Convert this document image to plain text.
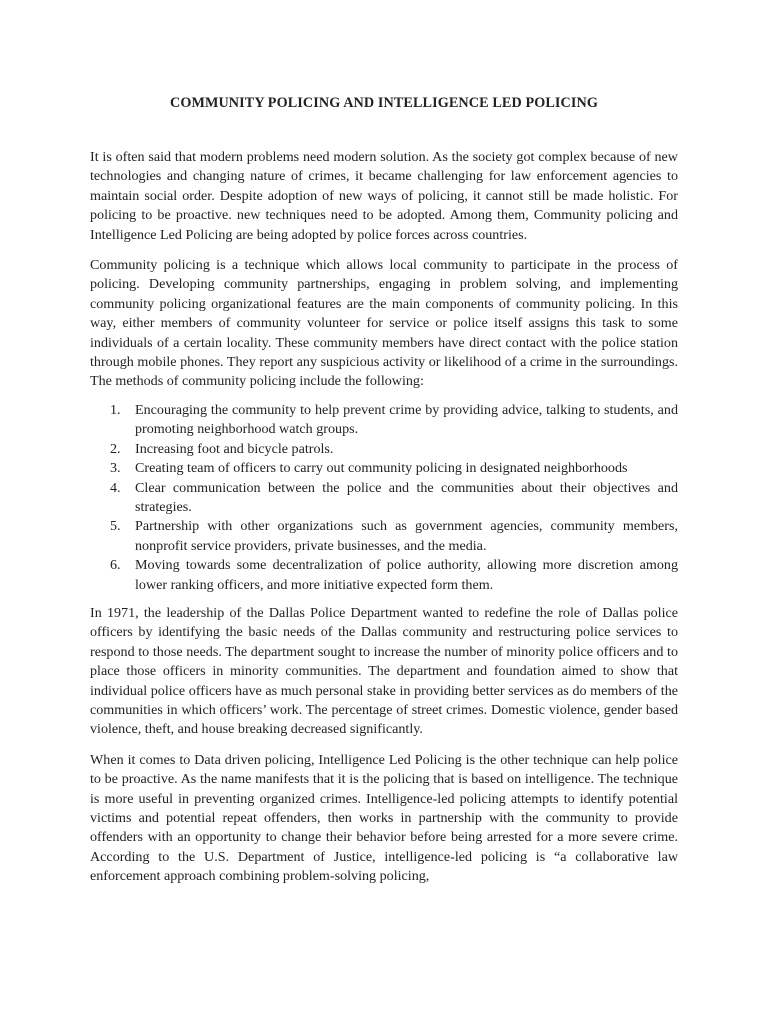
COMMUNITY POLICING AND INTELLIGENCE LED POLICING

It is often said that modern problems need modern solution. As the society got complex because of new technologies and changing nature of crimes, it became challenging for law enforcement agencies to maintain social order. Despite adoption of new ways of policing, it cannot still be made holistic. For policing to be proactive. new techniques need to be adopted. Among them, Community policing and Intelligence Led Policing are being adopted by police forces across countries.

Community policing is a technique which allows local community to participate in the process of policing. Developing community partnerships, engaging in problem solving, and implementing community policing organizational features are the main components of community policing. In this way, either members of community volunteer for service or police itself assigns this task to some individuals of a certain locality. These community members have direct contact with the police station through mobile phones. They report any suspicious activity or likelihood of a crime in the surroundings. The methods of community policing include the following:

1. Encouraging the community to help prevent crime by providing advice, talking to students, and promoting neighborhood watch groups.
2. Increasing foot and bicycle patrols.
3. Creating team of officers to carry out community policing in designated neighborhoods
4. Clear communication between the police and the communities about their objectives and strategies.
5. Partnership with other organizations such as government agencies, community members, nonprofit service providers, private businesses, and the media.
6. Moving towards some decentralization of police authority, allowing more discretion among lower ranking officers, and more initiative expected form them.

In 1971, the leadership of the Dallas Police Department wanted to redefine the role of Dallas police officers by identifying the basic needs of the Dallas community and restructuring police services to respond to those needs. The department sought to increase the number of minority police officers and to place those officers in minority communities. The department and foundation aimed to show that individual police officers have as much personal stake in providing better services as do members of the communities in which officers’ work. The percentage of street crimes. Domestic violence, gender based violence, theft, and house breaking decreased significantly.

When it comes to Data driven policing, Intelligence Led Policing is the other technique can help police to be proactive. As the name manifests that it is the policing that is based on intelligence. The technique is more useful in preventing organized crimes. Intelligence-led policing attempts to identify potential victims and potential repeat offenders, then works in partnership with the community to provide offenders with an opportunity to change their behavior before being arrested for a more severe crime. According to the U.S. Department of Justice, intelligence-led policing is “a collaborative law enforcement approach combining problem-solving policing,
